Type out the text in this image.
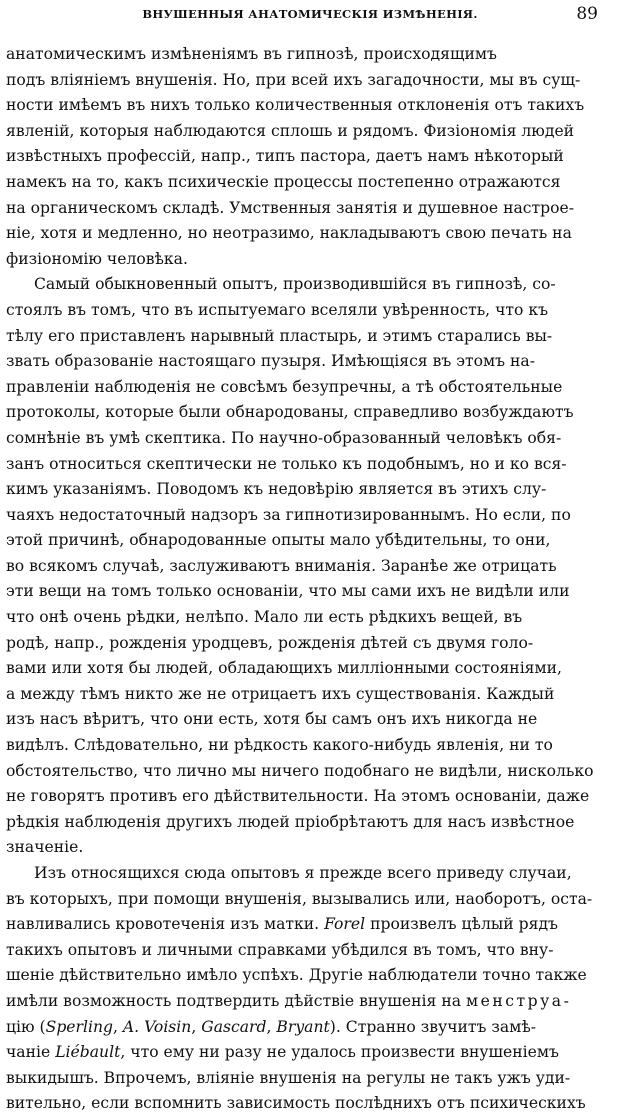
ВНУШЕННЫЯ АНАТОМИЧЕСКІЯ ИЗМѢНЕНІЯ.	89
анатомическимъ измѣненіямъ въ гипнозѣ, происходящимъ
подъ вліяніемъ внушенія. Но, при всей ихъ загадочности, мы въ сущ-
ности имѣемъ въ нихъ только количественныя отклоненія отъ такихъ
явленій, которыя наблюдаются сплошь и рядомъ. Физіономія людей
извѣстныхъ профессій, напр., типъ пастора, даетъ намъ нѣкоторый
намекъ на то, какъ психическіе процессы постепенно отражаются
на органическомъ складѣ. Умственныя занятія и душевное настрое-
ніе, хотя и медленно, но неотразимо, накладываютъ свою печать на
физіономію человѣка.
Самый обыкновенный опытъ, производившійся въ гипнозѣ, со-
стоялъ въ томъ, что въ испытуемаго вселяли увѣренность, что къ
тѣлу его приставленъ нарывный пластырь, и этимъ старались вы-
звать образованіе настоящаго пузыря. Имѣющіяся въ этомъ на-
правленіи наблюденія не совсѣмъ безупречны, а тѣ обстоятельные
протоколы, которые были обнародованы, справедливо возбуждаютъ
сомнѣніе въ умѣ скептика. По научно-образованный человѣкъ обя-
занъ относиться скептически не только къ подобнымъ, но и ко вся-
кимъ указаніямъ. Поводомъ къ недовѣрію является въ этихъ слу-
чаяхъ недостаточный надзоръ за гипнотизированнымъ. Но если, по
этой причинѣ, обнародованные опыты мало убѣдительны, то они,
во всякомъ случаѣ, заслуживаютъ вниманія. Заранѣе же отрицать
эти вещи на томъ только основаніи, что мы сами ихъ не видѣли или
что онѣ очень рѣдки, нелѣпо. Мало ли есть рѣдкихъ вещей, въ
родѣ, напр., рожденія уродцевъ, рожденія дѣтей съ двумя голо-
вами или хотя бы людей, обладающихъ милліонными состояніями,
а между тѣмъ никто же не отрицаетъ ихъ существованія. Каждый
изъ насъ вѣритъ, что они есть, хотя бы самъ онъ ихъ никогда не
видѣлъ. Слѣдовательно, ни рѣдкость какого-нибудь явленія, ни то
обстоятельство, что лично мы ничего подобнаго не видѣли, нисколько
не говорятъ противъ его дѣйствительности. На этомъ основаніи, даже
рѣдкія наблюденія другихъ людей пріобрѣтаютъ для насъ извѣстное
значеніе.
Изъ относящихся сюда опытовъ я прежде всего приведу случаи,
въ которыхъ, при помощи внушенія, вызывались или, наоборотъ, оста-
навливались кровотеченія изъ матки. Forel произвелъ цѣлый рядъ
такихъ опытовъ и личными справками убѣдился въ томъ, что вну-
шеніе дѣйствительно имѣло успѣхъ. Другіе наблюдатели точно также
имѣли возможность подтвердить дѣйствіе внушенія на менструа-
цію (Sperling, A. Voisin, Gascard, Bryant). Странно звучитъ замѣ-
чаніе Liébault, что ему ни разу не удалось произвести внушеніемъ
выкидышъ. Впрочемъ, вліяніе внушенія на регулы не такъ ужъ уди-
вительно, если вспомнить зависимость послѣднихъ отъ психическихъ
